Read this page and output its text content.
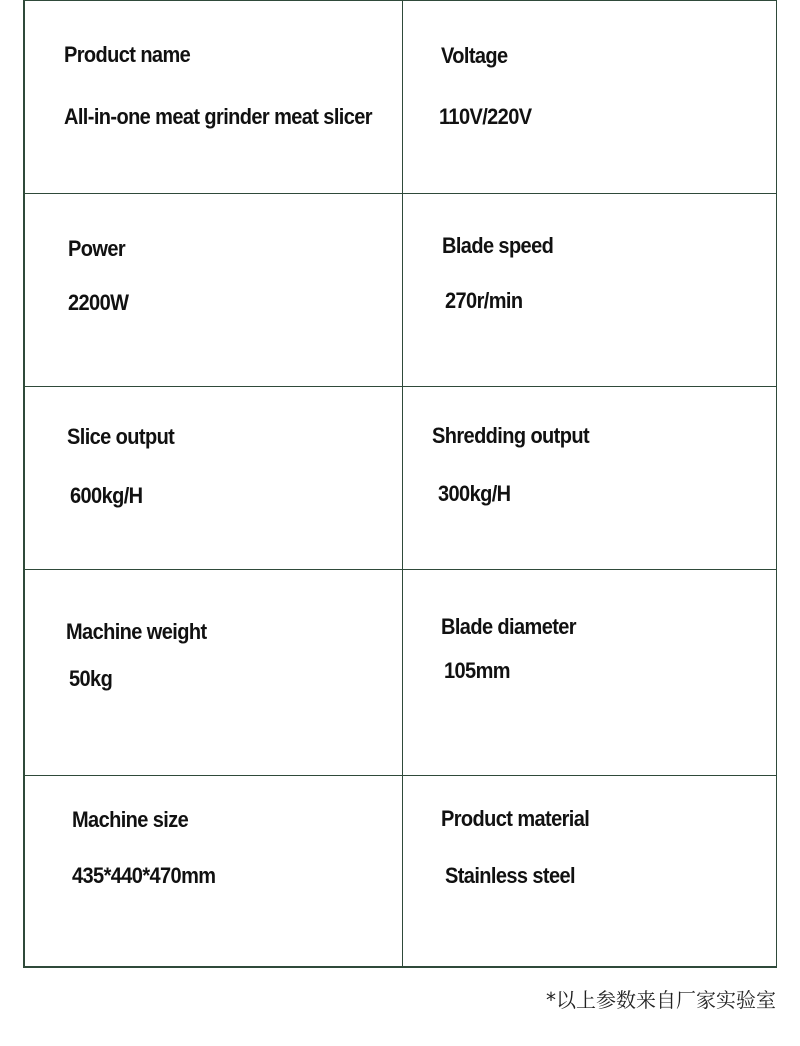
Product name
All-in-one meat grinder meat slicer
Voltage
110V/220V
Power
2200W
Blade speed
270r/min
Slice output
600kg/H
Shredding output
300kg/H
Machine weight
50kg
Blade diameter
105mm
Machine size
435*440*470mm
Product material
Stainless steel
*以上参数来自厂家实验室
